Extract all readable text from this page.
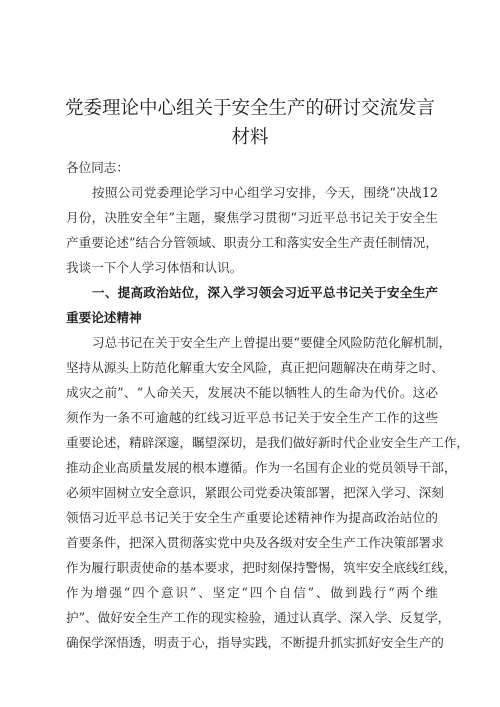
党委理论中心组关于安全生产的研讨交流发言
材料
各位同志：
按照公司党委理论学习中心组学习安排，今天，围绕“决战12
月份，决胜安全年”主题，聚焦学习贯彻“习近平总书记关于安全生
产重要论述”结合分管领域、职责分工和落实安全生产责任制情况，
我谈一下个人学习体悟和认识。
一、提高政治站位，深入学习领会习近平总书记关于安全生产
重要论述精神
习总书记在关于安全生产上曾提出要“要健全风险防范化解机制，
坚持从源头上防范化解重大安全风险，真正把问题解决在萌芽之时、
成灾之前”、“人命关天，发展决不能以牺牲人的生命为代价。这必
须作为一条不可逾越的红线习近平总书记关于安全生产工作的这些
重要论述，精辟深邃，瞩望深切，是我们做好新时代企业安全生产工作，
推动企业高质量发展的根本遵循。作为一名国有企业的党员领导干部，
必须牢固树立安全意识，紧跟公司党委决策部署，把深入学习、深刻
领悟习近平总书记关于安全生产重要论述精神作为提高政治站位的
首要条件，把深入贯彻落实党中央及各级对安全生产工作决策部署求
作为履行职责使命的基本要求，把时刻保持警惕，筑牢安全底线红线，
作为增强“四个意识”、坚定“四个自信”、做到践行“两个维
护”、做好安全生产工作的现实检验，通过认真学、深入学、反复学，
确保学深悟透，明责于心，指导实践，不断提升抓实抓好安全生产的
